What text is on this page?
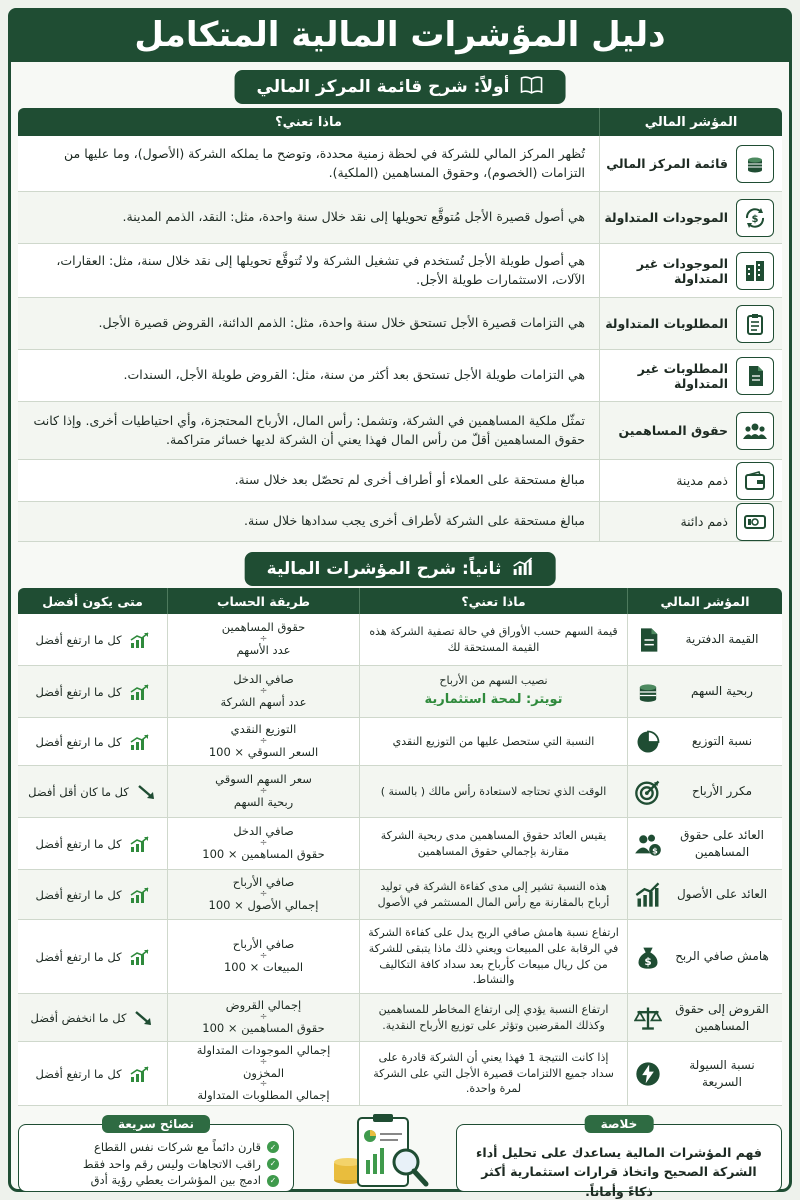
دليل المؤشرات المالية المتكامل
أولاً: شرح قائمة المركز المالي
المؤشر المالي
ماذا تعني؟
قائمة المركز المالي
تُظهر المركز المالي للشركة في لحظة زمنية محددة، وتوضح ما يملكه الشركة (الأصول)، وما عليها من التزامات (الخصوم)، وحقوق المساهمين (الملكية).
$
الموجودات المتداولة
هي أصول قصيرة الأجل مُتوقَّع تحويلها إلى نقد خلال سنة واحدة، مثل: النقد، الذمم المدينة.
الموجودات غير المتداولة
هي أصول طويلة الأجل تُستخدم في تشغيل الشركة ولا تُتوقَّع تحويلها إلى نقد خلال سنة، مثل: العقارات، الآلات، الاستثمارات طويلة الأجل.
المطلوبات المتداولة
هي التزامات قصيرة الأجل تستحق خلال سنة واحدة، مثل: الذمم الدائنة، القروض قصيرة الأجل.
المطلوبات غير المتداولة
هي التزامات طويلة الأجل تستحق بعد أكثر من سنة، مثل: القروض طويلة الأجل، السندات.
حقوق المساهمين
تمثّل ملكية المساهمين في الشركة، وتشمل: رأس المال، الأرباح المحتجزة، وأي احتياطيات أخرى. وإذا كانت حقوق المساهمين أقلّ من رأس المال فهذا يعني أن الشركة لديها خسائر متراكمة.
ذمم مدينة
مبالغ مستحقة على العملاء أو أطراف أخرى لم تحصّل بعد خلال سنة.
ذمم دائنة
مبالغ مستحقة على الشركة لأطراف أخرى يجب سدادها خلال سنة.
ثانياً: شرح المؤشرات المالية
المؤشر المالي
ماذا تعني؟
طريقة الحساب
متى يكون أفضل
القيمة الدفترية
قيمة السهم حسب الأوراق في حالة تصفية الشركة هذه القيمة المستحقة لك
حقوق المساهمين
÷
عدد الأسهم
كل ما ارتفع أفضل
ربحية السهم
نصيب السهم من الأرباح
تويتر: لمحة استثمارية
صافي الدخل
÷
عدد أسهم الشركة
كل ما ارتفع أفضل
نسبة التوزيع
النسبة التي ستحصل عليها من التوزيع النقدي
التوزيع النقدي
÷
السعر السوقي × 100
كل ما ارتفع أفضل
مكرر الأرباح
الوقت الذي تحتاجه لاستعادة رأس مالك ( بالسنة )
سعر السهم السوقي
÷
ربحية السهم
كل ما كان أقل أفضل
العائد على حقوق المساهمين
$
يقيس العائد حقوق المساهمين مدى ربحية الشركة مقارنة بإجمالي حقوق المساهمين
صافي الدخل
÷
حقوق المساهمين × 100
كل ما ارتفع أفضل
العائد على الأصول
هذه النسبة تشير إلى مدى كفاءة الشركة في توليد أرباح بالمقارنة مع رأس المال المستثمر في الأصول
صافي الأرباح
÷
إجمالي الأصول × 100
كل ما ارتفع أفضل
هامش صافي الربح
$
ارتفاع نسبة هامش صافي الربح يدل على كفاءة الشركة في الرقابة على المبيعات ويعني ذلك ماذا يتبقى للشركة من كل ريال مبيعات كأرباح بعد سداد كافة التكاليف والنشاط.
صافي الأرباح
÷
المبيعات × 100
كل ما ارتفع أفضل
القروض إلى حقوق المساهمين
ارتفاع النسبة يؤدي إلى ارتفاع المخاطر للمساهمين وكذلك المقرضين وتؤثر على توزيع الأرباح النقدية.
إجمالي القروض
÷
حقوق المساهمين × 100
كل ما انخفض أفضل
نسبة السيولة السريعة
إذا كانت النتيجة 1 فهذا يعني أن الشركة قادرة على سداد جميع الالتزامات قصيرة الأجل التي على الشركة لمرة واحدة.
إجمالي الموجودات المتداولة
÷
المخزون
÷
إجمالي المطلوبات المتداولة
كل ما ارتفع أفضل
خلاصة
فهم المؤشرات المالية يساعدك على تحليل أداء الشركة الصحيح واتخاذ قرارات استثمارية أكثر ذكاءً وأماناً.
نصائح سريعة
✓
قارن دائماً مع شركات نفس القطاع
✓
راقب الاتجاهات وليس رقم واحد فقط
✓
ادمج بين المؤشرات يعطي رؤية أدق
